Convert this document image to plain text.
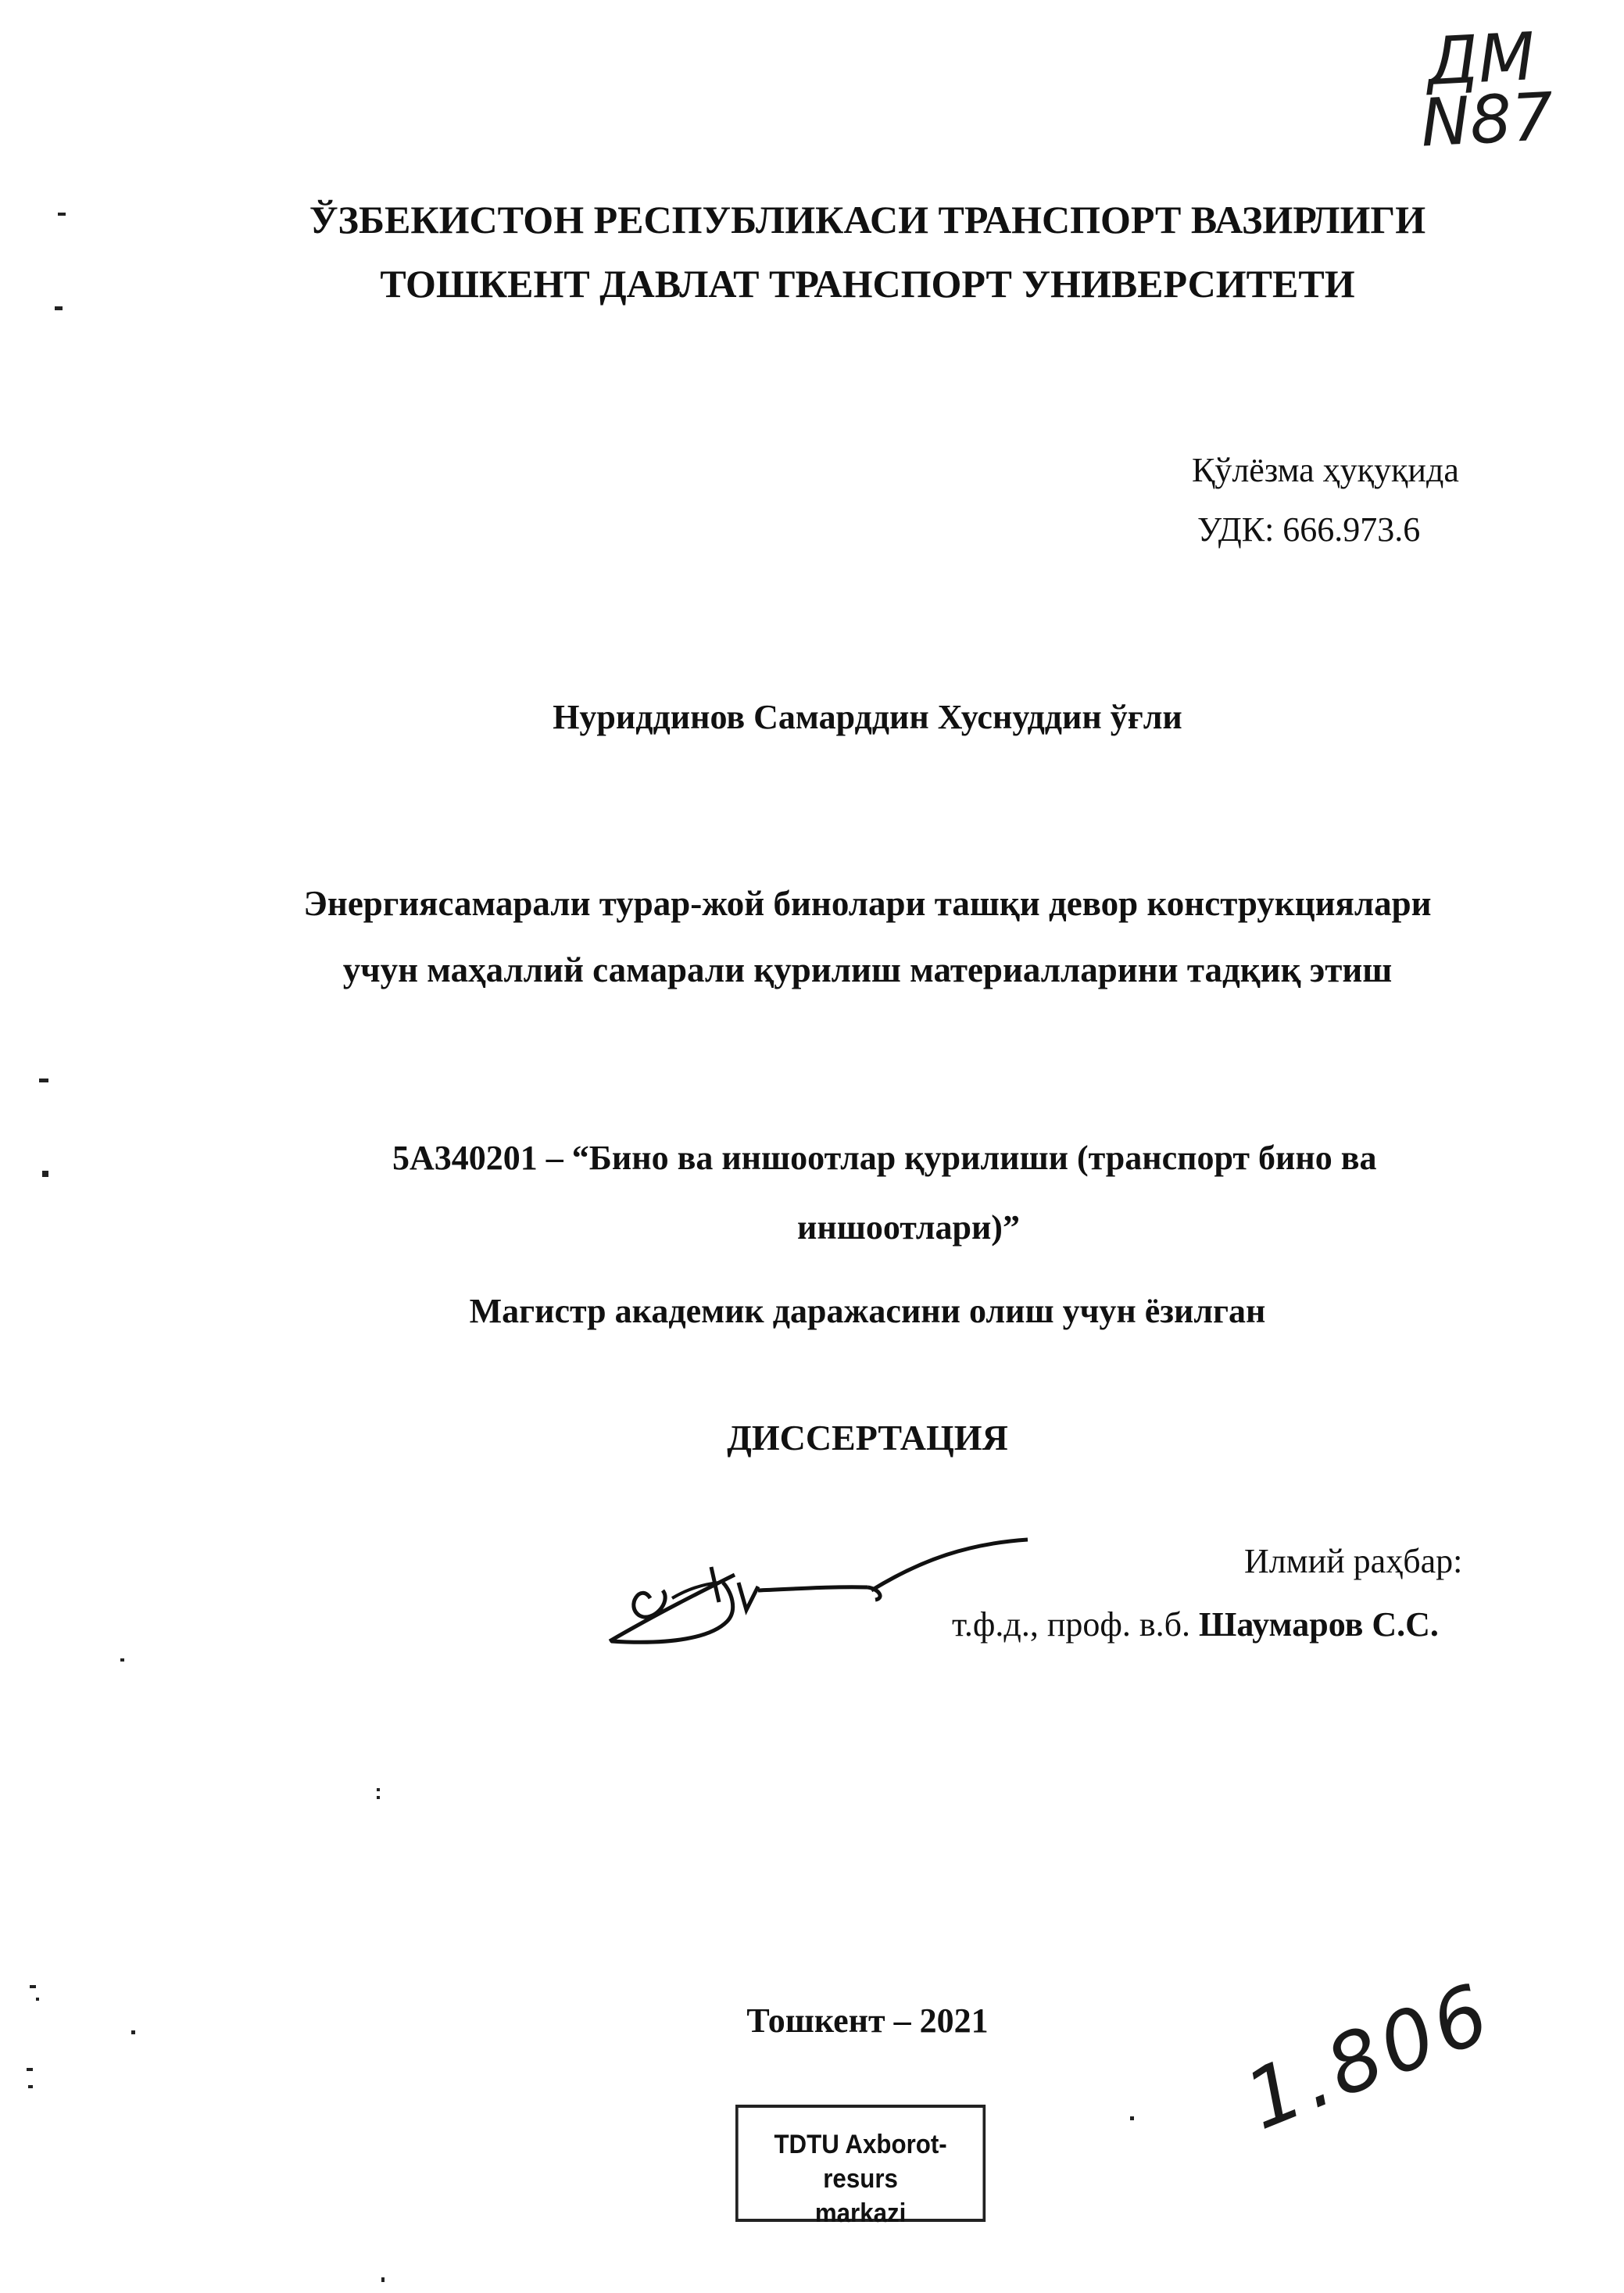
ДМ
N87
ЎЗБЕКИСТОН РЕСПУБЛИКАСИ ТРАНСПОРТ ВАЗИРЛИГИ
ТОШКЕНТ ДАВЛАТ ТРАНСПОРТ УНИВЕРСИТЕТИ
Қўлёзма ҳуқуқида
УДК: 666.973.6
Нуриддинов Самарддин Хуснуддин ўғли
Энергиясамарали турар-жой бинолари ташқи девор конструкциялари
учун маҳаллий самарали қурилиш материалларини тадқиқ этиш
5A340201 – “Бино ва иншоотлар қурилиши (транспорт бино ва
иншоотлари)”
Магистр академик даражасини олиш учун ёзилган
ДИССЕРТАЦИЯ
Илмий раҳбар:
т.ф.д., проф. в.б. Шаумаров С.С.
Тошкент – 2021	1.806
TDTU Axborot-resurs
markazi
